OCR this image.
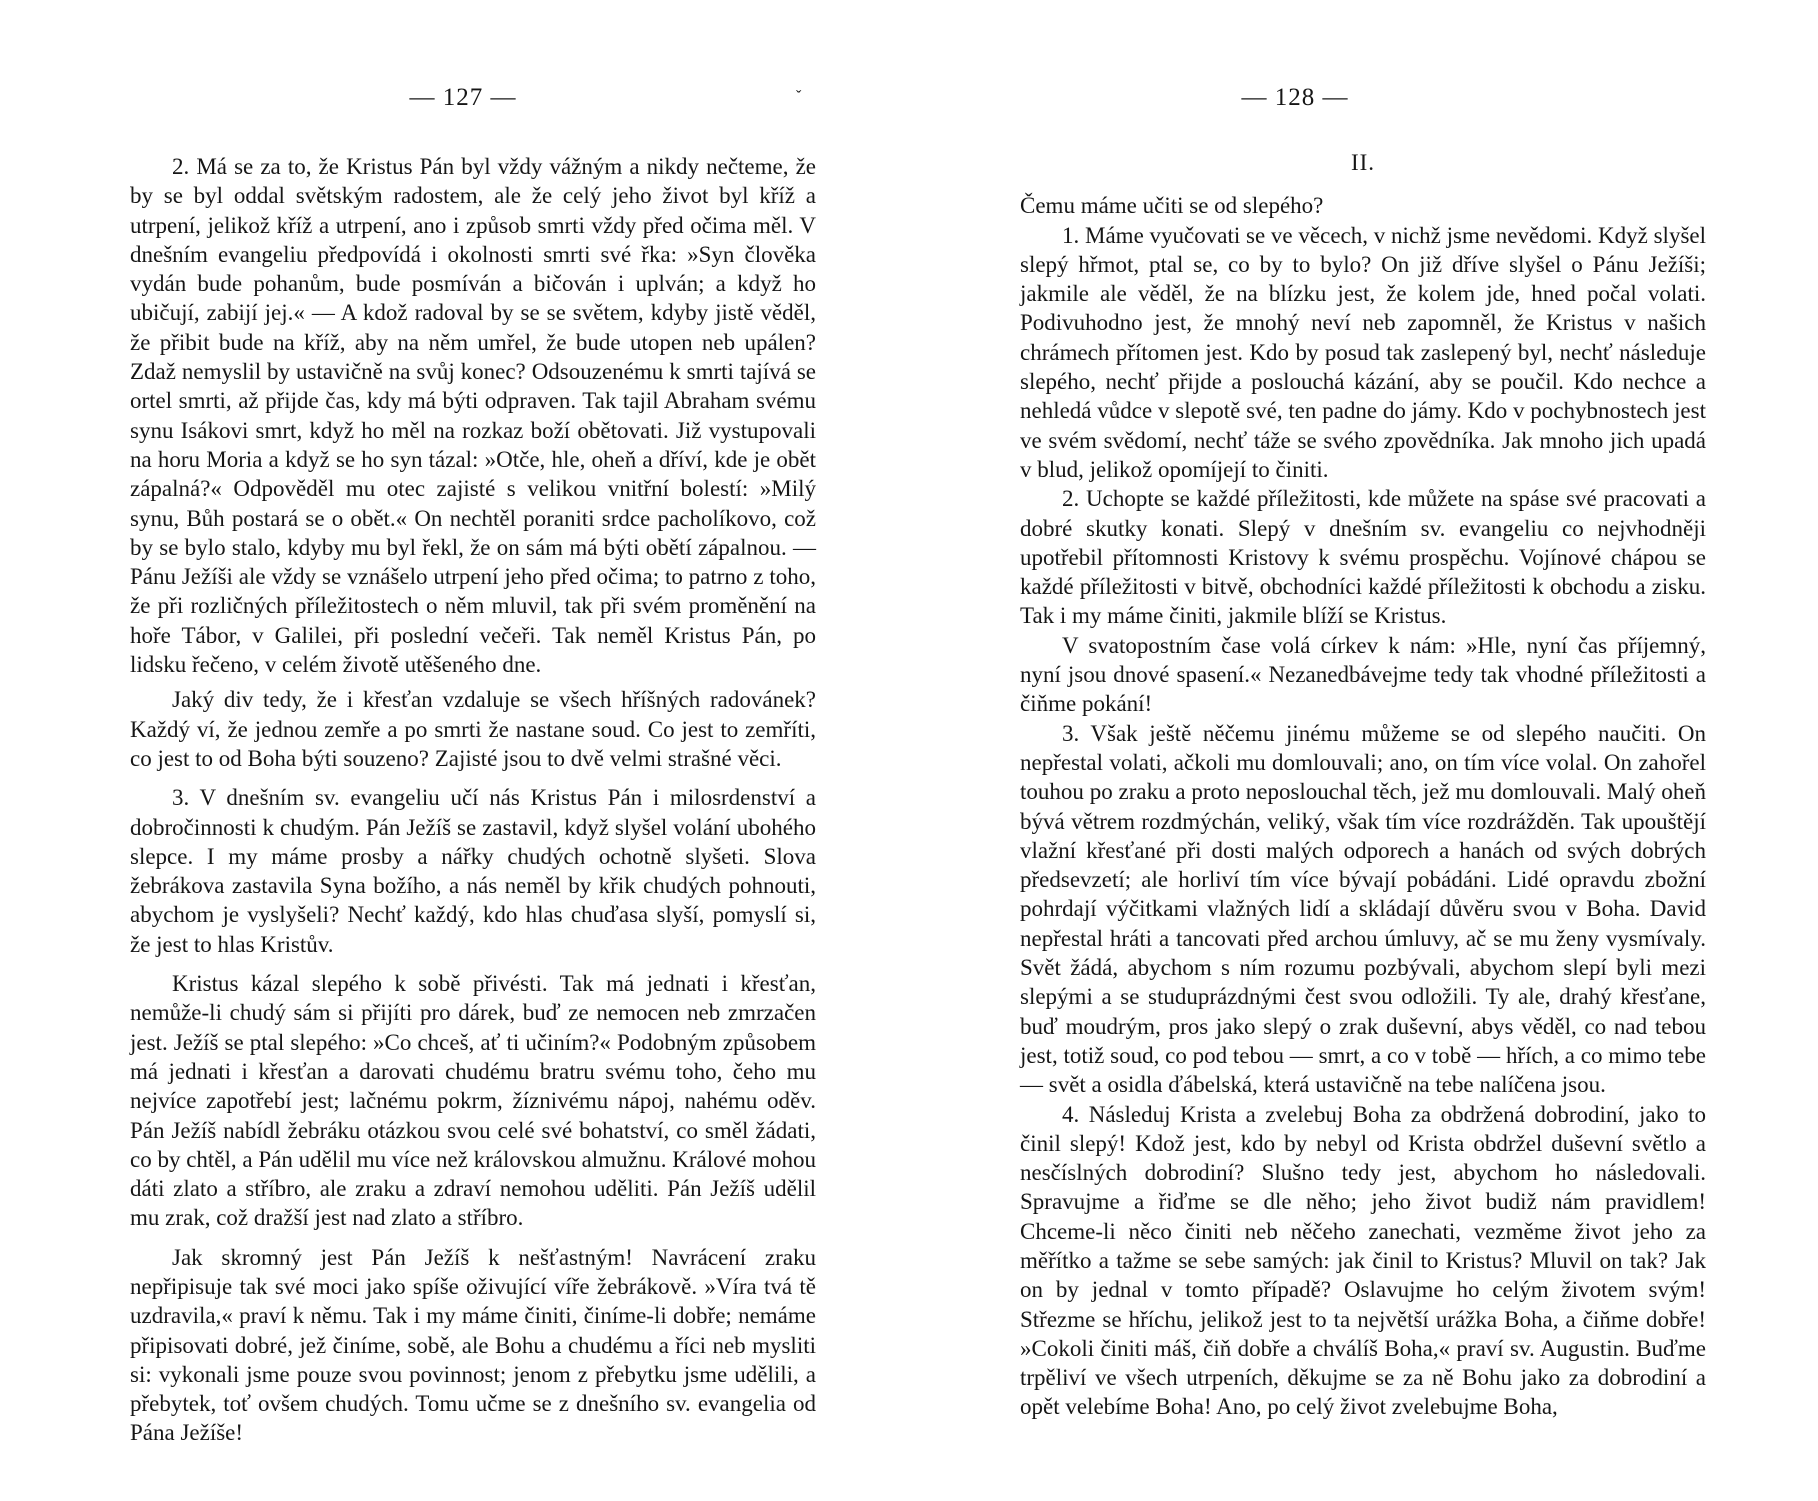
— 127 —	ˇ

2. Má se za to, že Kristus Pán byl vždy vážným a nikdy nečteme, že by se byl oddal světským radostem, ale že celý jeho život byl kříž a utrpení, jelikož kříž a utrpení, ano i způsob smrti vždy před očima měl. V dnešním evangeliu předpovídá i okolnosti smrti své řka: »Syn člověka vydán bude pohanům, bude posmíván a bičován i uplván; a když ho ubičují, zabijí jej.« — A kdož radoval by se se světem, kdyby jistě věděl, že přibit bude na kříž, aby na něm umřel, že bude utopen neb upálen? Zdaž nemyslil by ustavičně na svůj konec? Odsouzenému k smrti tajívá se ortel smrti, až přijde čas, kdy má býti odpraven. Tak tajil Abraham svému synu Isákovi smrt, když ho měl na rozkaz boží obětovati. Již vystupovali na horu Moria a když se ho syn tázal: »Otče, hle, oheň a dříví, kde je obět zápalná?« Odpověděl mu otec zajisté s velikou vnitřní bolestí: »Milý synu, Bůh postará se o obět.« On nechtěl poraniti srdce pacholíkovo, což by se bylo stalo, kdyby mu byl řekl, že on sám má býti obětí zápalnou. — Pánu Ježíši ale vždy se vznášelo utrpení jeho před očima; to patrno z toho, že při rozličných příležitostech o něm mluvil, tak při svém proměnění na hoře Tábor, v Galilei, při poslední večeři. Tak neměl Kristus Pán, po lidsku řečeno, v celém životě utěšeného dne.

Jaký div tedy, že i křesťan vzdaluje se všech hříšných radovánek? Každý ví, že jednou zemře a po smrti že nastane soud. Co jest to zemříti, co jest to od Boha býti souzeno? Zajisté jsou to dvě velmi strašné věci.

3. V dnešním sv. evangeliu učí nás Kristus Pán i milosrdenství a dobročinnosti k chudým. Pán Ježíš se zastavil, když slyšel volání ubohého slepce. I my máme prosby a nářky chudých ochotně slyšeti. Slova žebrákova zastavila Syna božího, a nás neměl by křik chudých pohnouti, abychom je vyslyšeli? Nechť každý, kdo hlas chuďasa slyší, pomyslí si, že jest to hlas Kristův.

Kristus kázal slepého k sobě přivésti. Tak má jednati i křesťan, nemůže-li chudý sám si přijíti pro dárek, buď ze nemocen neb zmrzačen jest. Ježíš se ptal slepého: »Co chceš, ať ti učiním?« Podobným způsobem má jednati i křesťan a darovati chudému bratru svému toho, čeho mu nejvíce zapotřebí jest; lačnému pokrm, žíznivému nápoj, nahému oděv. Pán Ježíš nabídl žebráku otázkou svou celé své bohatství, co směl žádati, co by chtěl, a Pán udělil mu více než královskou almužnu. Králové mohou dáti zlato a stříbro, ale zraku a zdraví nemohou uděliti. Pán Ježíš udělil mu zrak, což dražší jest nad zlato a stříbro.

Jak skromný jest Pán Ježíš k nešťastným! Navrácení zraku nepřipisuje tak své moci jako spíše oživující víře žebrákově. »Víra tvá tě uzdravila,« praví k němu. Tak i my máme činiti, činíme-li dobře; nemáme připisovati dobré, jež činíme, sobě, ale Bohu a chudému a říci neb mysliti si: vykonali jsme pouze svou povinnost; jenom z přebytku jsme udělili, a přebytek, toť ovšem chudých. Tomu učme se z dnešního sv. evangelia od Pána Ježíše!

— 128 —
II.

Čemu máme učiti se od slepého?

1. Máme vyučovati se ve věcech, v nichž jsme nevědomi. Když slyšel slepý hřmot, ptal se, co by to bylo? On již dříve slyšel o Pánu Ježíši; jakmile ale věděl, že na blízku jest, že kolem jde, hned počal volati. Podivuhodno jest, že mnohý neví neb zapomněl, že Kristus v našich chrámech přítomen jest. Kdo by posud tak zaslepený byl, nechť následuje slepého, nechť přijde a poslouchá kázání, aby se poučil. Kdo nechce a nehledá vůdce v slepotě své, ten padne do jámy. Kdo v pochybnostech jest ve svém svědomí, nechť táže se svého zpovědníka. Jak mnoho jich upadá v blud, jelikož opomíjejí to činiti.

2. Uchopte se každé příležitosti, kde můžete na spáse své pracovati a dobré skutky konati. Slepý v dnešním sv. evangeliu co nejvhodněji upotřebil přítomnosti Kristovy k svému prospěchu. Vojínové chápou se každé příležitosti v bitvě, obchodníci každé příležitosti k obchodu a zisku. Tak i my máme činiti, jakmile blíží se Kristus.

V svatopostním čase volá církev k nám: »Hle, nyní čas příjemný, nyní jsou dnové spasení.« Nezanedbávejme tedy tak vhodné příležitosti a čiňme pokání!

3. Však ještě něčemu jinému můžeme se od slepého naučiti. On nepřestal volati, ačkoli mu domlouvali; ano, on tím více volal. On zahořel touhou po zraku a proto neposlouchal těch, jež mu domlouvali. Malý oheň bývá větrem rozdmýchán, veliký, však tím více rozdrážděn. Tak upouštějí vlažní křesťané při dosti malých odporech a hanách od svých dobrých předsevzetí; ale horliví tím více bývají pobádáni. Lidé opravdu zbožní pohrdají výčitkami vlažných lidí a skládají důvěru svou v Boha. David nepřestal hráti a tancovati před archou úmluvy, ač se mu ženy vysmívaly. Svět žádá, abychom s ním rozumu pozbývali, abychom slepí byli mezi slepými a se studuprázdnými čest svou odložili. Ty ale, drahý křesťane, buď moudrým, pros jako slepý o zrak duševní, abys věděl, co nad tebou jest, totiž soud, co pod tebou — smrt, a co v tobě — hřích, a co mimo tebe — svět a osidla ďábelská, která ustavičně na tebe nalíčena jsou.

4. Následuj Krista a zvelebuj Boha za obdržená dobrodiní, jako to činil slepý! Kdož jest, kdo by nebyl od Krista obdržel duševní světlo a nesčíslných dobrodiní? Slušno tedy jest, abychom ho následovali. Spravujme a řiďme se dle něho; jeho život budiž nám pravidlem! Chceme-li něco činiti neb něčeho zanechati, vezměme život jeho za měřítko a tažme se sebe samých: jak činil to Kristus? Mluvil on tak? Jak on by jednal v tomto případě? Oslavujme ho celým životem svým! Střezme se hříchu, jelikož jest to ta největší urážka Boha, a čiňme dobře! »Cokoli činiti máš, čiň dobře a chválíš Boha,« praví sv. Augustin. Buďme trpěliví ve všech utrpeních, děkujme se za ně Bohu jako za dobrodiní a opět velebíme Boha! Ano, po celý život zvelebujme Boha,
